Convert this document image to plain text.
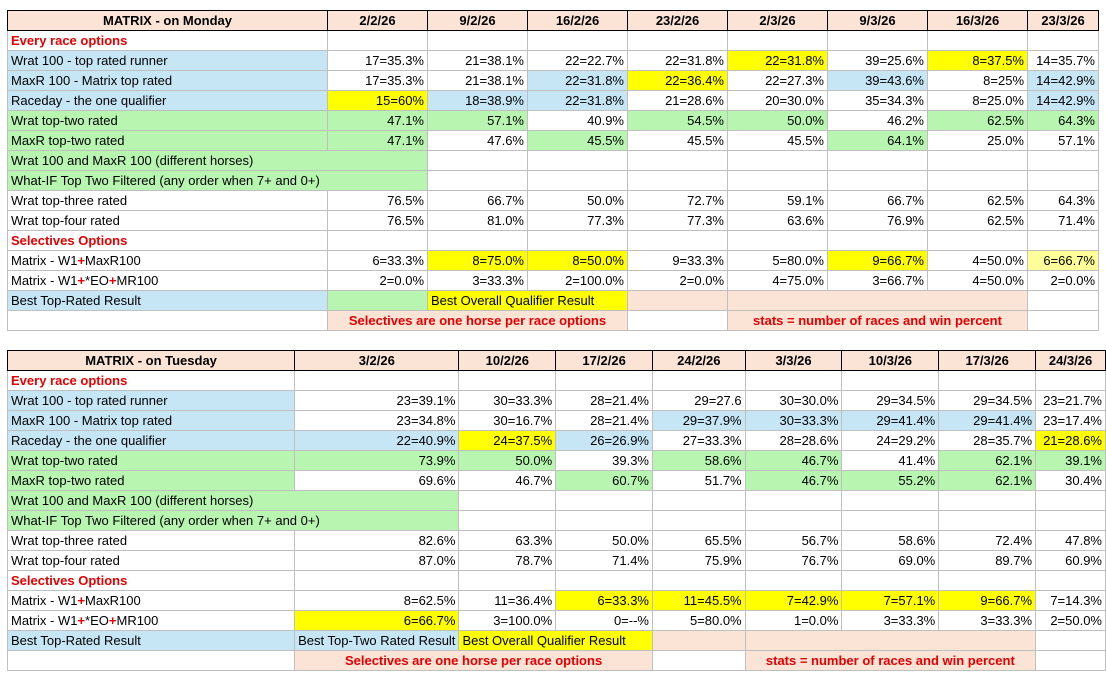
MATRIX - on Monday	2/2/26	9/2/26	16/2/26	23/2/26	2/3/26	9/3/26	16/3/26	23/3/26
Every race options								
Wrat 100 - top rated runner	17=35.3%	21=38.1%	22=22.7%	22=31.8%	22=31.8%	39=25.6%	8=37.5%	14=35.7%
MaxR 100 - Matrix top rated	17=35.3%	21=38.1%	22=31.8%	22=36.4%	22=27.3%	39=43.6%	8=25%	14=42.9%
Raceday - the one qualifier	15=60%	18=38.9%	22=31.8%	21=28.6%	20=30.0%	35=34.3%	8=25.0%	14=42.9%
Wrat top-two rated	47.1%	57.1%	40.9%	54.5%	50.0%	46.2%	62.5%	64.3%
MaxR top-two rated	47.1%	47.6%	45.5%	45.5%	45.5%	64.1%	25.0%	57.1%
Wrat 100 and MaxR 100 (different horses)								
What-IF Top Two Filtered (any order when 7+ and 0+)								
Wrat top-three rated	76.5%	66.7%	50.0%	72.7%	59.1%	66.7%	62.5%	64.3%
Wrat top-four rated	76.5%	81.0%	77.3%	77.3%	63.6%	76.9%	62.5%	71.4%
Selectives Options								
Matrix - W1+MaxR100	6=33.3%	8=75.0%	8=50.0%	9=33.3%	5=80.0%	9=66.7%	4=50.0%	6=66.7%
Matrix - W1+*EO+MR100	2=0.0%	3=33.3%	2=100.0%	2=0.0%	4=75.0%	3=66.7%	4=50.0%	2=0.0%
Best Top-Rated Result		Best Overall Qualifier Result						
	Selectives are one horse per race options				stats = number of races and win percent			
MATRIX - on Tuesday	3/2/26	10/2/26	17/2/26	24/2/26	3/3/26	10/3/26	17/3/26	24/3/26
Every race options								
Wrat 100 - top rated runner	23=39.1%	30=33.3%	28=21.4%	29=27.6	30=30.0%	29=34.5%	29=34.5%	23=21.7%
MaxR 100 - Matrix top rated	23=34.8%	30=16.7%	28=21.4%	29=37.9%	30=33.3%	29=41.4%	29=41.4%	23=17.4%
Raceday - the one qualifier	22=40.9%	24=37.5%	26=26.9%	27=33.3%	28=28.6%	24=29.2%	28=35.7%	21=28.6%
Wrat top-two rated	73.9%	50.0%	39.3%	58.6%	46.7%	41.4%	62.1%	39.1%
MaxR top-two rated	69.6%	46.7%	60.7%	51.7%	46.7%	55.2%	62.1%	30.4%
Wrat 100 and MaxR 100 (different horses)								
What-IF Top Two Filtered (any order when 7+ and 0+)								
Wrat top-three rated	82.6%	63.3%	50.0%	65.5%	56.7%	58.6%	72.4%	47.8%
Wrat top-four rated	87.0%	78.7%	71.4%	75.9%	76.7%	69.0%	89.7%	60.9%
Selectives Options								
Matrix - W1+MaxR100	8=62.5%	11=36.4%	6=33.3%	11=45.5%	7=42.9%	7=57.1%	9=66.7%	7=14.3%
Matrix - W1+*EO+MR100	6=66.7%	3=100.0%	0=--%	5=80.0%	1=0.0%	3=33.3%	3=33.3%	2=50.0%
Best Top-Rated Result	Best Top-Two Rated Result	Best Overall Qualifier Result						
	Selectives are one horse per race options				stats = number of races and win percent			
